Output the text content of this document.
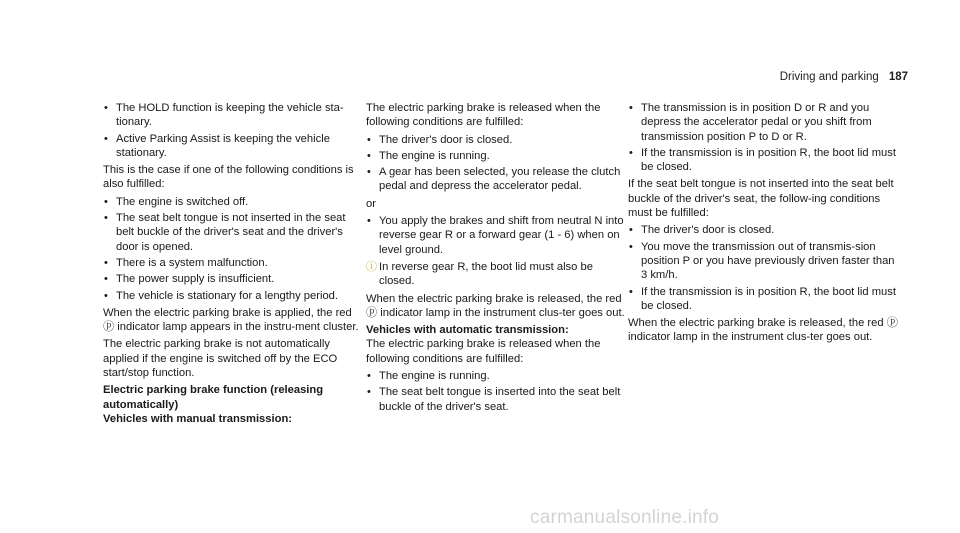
Driving and parking 187
• The HOLD function is keeping the vehicle sta-tionary.
• Active Parking Assist is keeping the vehicle stationary.

This is the case if one of the following conditions is also fulfilled:

• The engine is switched off.
• The seat belt tongue is not inserted in the seat belt buckle of the driver's seat and the driver's door is opened.
• There is a system malfunction.
• The power supply is insufficient.
• The vehicle is stationary for a lengthy period.

When the electric parking brake is applied, the red ⓟ indicator lamp appears in the instru-ment cluster.

The electric parking brake is not automatically applied if the engine is switched off by the ECO start/stop function.

Electric parking brake function (releasing automatically)

Vehicles with manual transmission:

The electric parking brake is released when the following conditions are fulfilled:

• The driver's door is closed.
• The engine is running.
• A gear has been selected, you release the clutch pedal and depress the accelerator pedal.

or

• You apply the brakes and shift from neutral N into reverse gear R or a forward gear (1 - 6) when on level ground.
ⓘ In reverse gear R, the boot lid must also be closed.

When the electric parking brake is released, the red ⓟ indicator lamp in the instrument clus-ter goes out.

Vehicles with automatic transmission:

The electric parking brake is released when the following conditions are fulfilled:

• The engine is running.
• The seat belt tongue is inserted into the seat belt buckle of the driver's seat.
• The transmission is in position D or R and you depress the accelerator pedal or you shift from transmission position P to D or R.
• If the transmission is in position R, the boot lid must be closed.

If the seat belt tongue is not inserted into the seat belt buckle of the driver's seat, the follow-ing conditions must be fulfilled:

• The driver's door is closed.
• You move the transmission out of transmis-sion position P or you have previously driven faster than 3 km/h.
• If the transmission is in position R, the boot lid must be closed.

When the electric parking brake is released, the red ⓟ indicator lamp in the instrument clus-ter goes out.

carmanualsonline.info
